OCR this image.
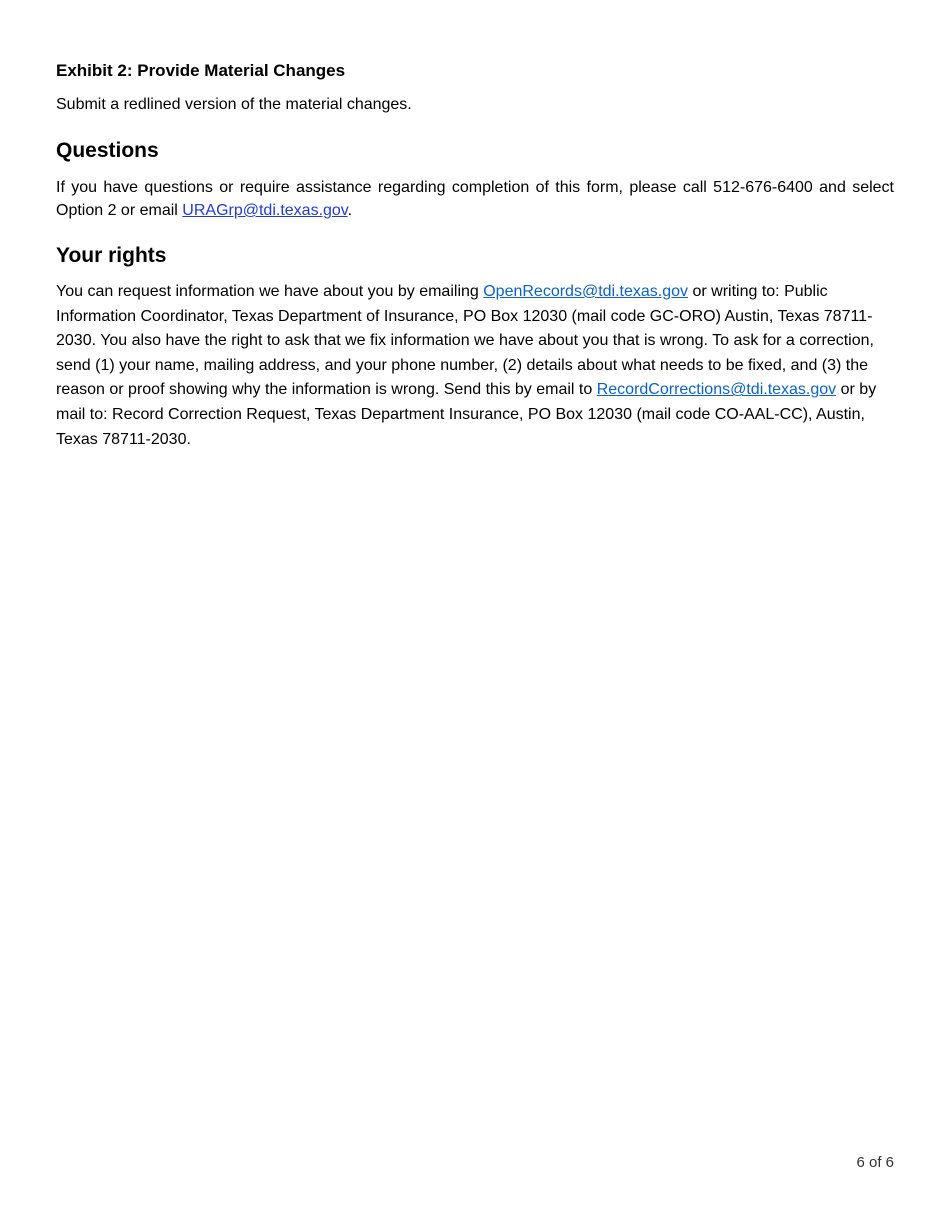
Exhibit 2: Provide Material Changes
Submit a redlined version of the material changes.
Questions

If you have questions or require assistance regarding completion of this form, please call 512-676-6400 and select Option 2 or email URAGrp@tdi.texas.gov.

Your rights

You can request information we have about you by emailing OpenRecords@tdi.texas.gov or writing to: Public Information Coordinator, Texas Department of Insurance, PO Box 12030 (mail code GC-ORO) Austin, Texas 78711-2030. You also have the right to ask that we fix information we have about you that is wrong. To ask for a correction, send (1) your name, mailing address, and your phone number, (2) details about what needs to be fixed, and (3) the reason or proof showing why the information is wrong. Send this by email to RecordCorrections@tdi.texas.gov or by mail to: Record Correction Request, Texas Department Insurance, PO Box 12030 (mail code CO-AAL-CC), Austin, Texas 78711-2030.

6 of 6
